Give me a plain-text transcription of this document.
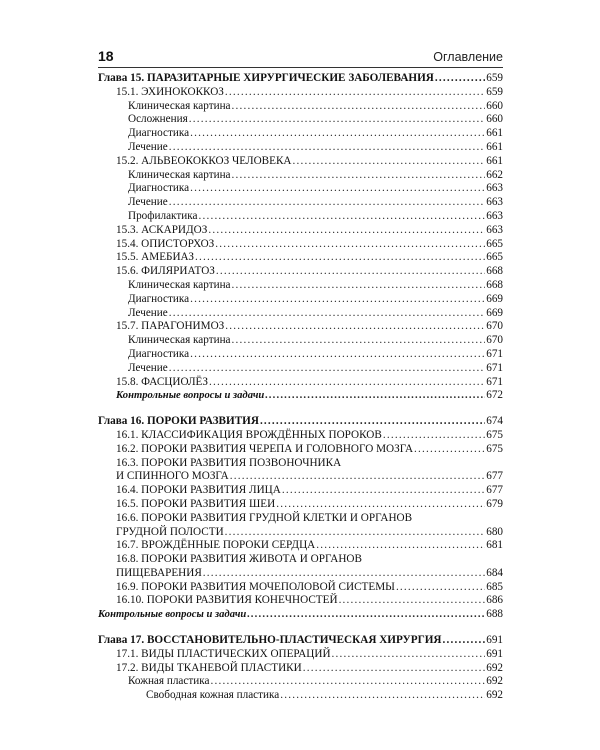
18	Оглавление
Глава 15. ПАРАЗИТАРНЫЕ ХИРУРГИЧЕСКИЕ ЗАБОЛЕВАНИЯ .....	659
15.1. ЭХИНОКОККОЗ .....	659
Клиническая картина .....	660
Осложнения .....	660
Диагностика .....	661
Лечение .....	661
15.2. АЛЬВЕОКОККОЗ ЧЕЛОВЕКА .....	661
Клиническая картина .....	662
Диагностика .....	663
Лечение .....	663
Профилактика .....	663
15.3. АСКАРИДОЗ .....	663
15.4. ОПИСТОРХОЗ .....	665
15.5. АМЕБИАЗ .....	665
15.6. ФИЛЯРИАТОЗ .....	668
Клиническая картина .....	668
Диагностика .....	669
Лечение .....	669
15.7. ПАРАГОНИМОЗ .....	670
Клиническая картина .....	670
Диагностика .....	671
Лечение .....	671
15.8. ФАСЦИОЛЁЗ .....	671
Контрольные вопросы и задачи .....	672
Глава 16. ПОРОКИ РАЗВИТИЯ .....	674
16.1. КЛАССИФИКАЦИЯ ВРОЖДЁННЫХ ПОРОКОВ .....	675
16.2. ПОРОКИ РАЗВИТИЯ ЧЕРЕПА И ГОЛОВНОГО МОЗГА .....	675
16.3. ПОРОКИ РАЗВИТИЯ ПОЗВОНОЧНИКА
И СПИННОГО МОЗГА .....	677
16.4. ПОРОКИ РАЗВИТИЯ ЛИЦА .....	677
16.5. ПОРОКИ РАЗВИТИЯ ШЕИ .....	679
16.6. ПОРОКИ РАЗВИТИЯ ГРУДНОЙ КЛЕТКИ И ОРГАНОВ
ГРУДНОЙ ПОЛОСТИ .....	680
16.7. ВРОЖДЁННЫЕ ПОРОКИ СЕРДЦА .....	681
16.8. ПОРОКИ РАЗВИТИЯ ЖИВОТА И ОРГАНОВ
ПИЩЕВАРЕНИЯ .....	684
16.9. ПОРОКИ РАЗВИТИЯ МОЧЕПОЛОВОЙ СИСТЕМЫ .....	685
16.10. ПОРОКИ РАЗВИТИЯ КОНЕЧНОСТЕЙ .....	686
Контрольные вопросы и задачи .....	688
Глава 17. ВОССТАНОВИТЕЛЬНО-ПЛАСТИЧЕСКАЯ ХИРУРГИЯ .....	691
17.1. ВИДЫ ПЛАСТИЧЕСКИХ ОПЕРАЦИЙ .....	691
17.2. ВИДЫ ТКАНЕВОЙ ПЛАСТИКИ .....	692
Кожная пластика .....	692
Свободная кожная пластика .....	692
